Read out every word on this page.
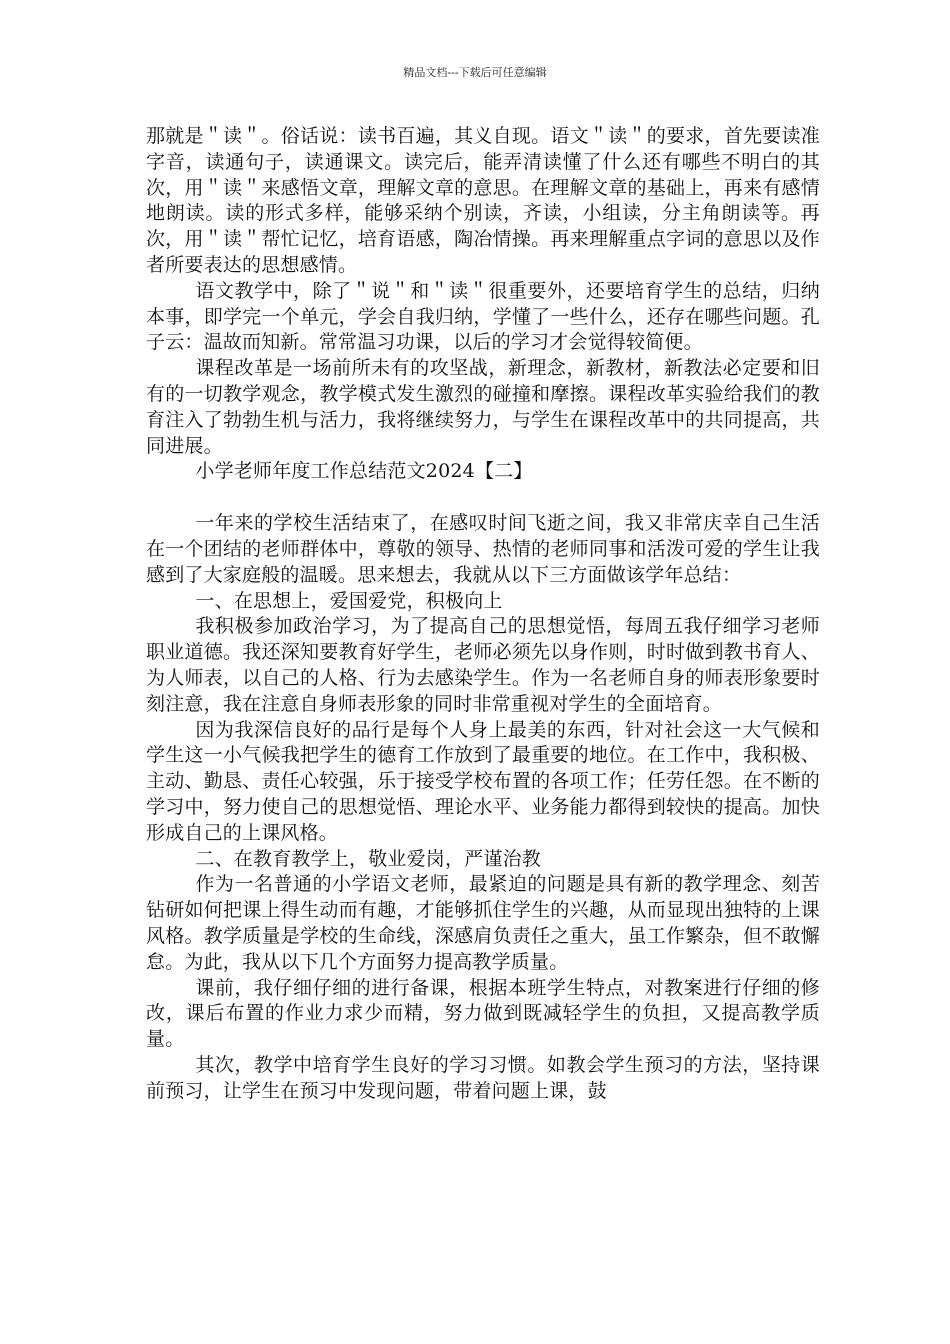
精品文档---下载后可任意编辑

那就是＂读＂。俗话说：读书百遍，其义自现。语文＂读＂的要求，首先要读准字音，读通句子，读通课文。读完后，能弄清读懂了什么还有哪些不明白的其次，用＂读＂来感悟文章，理解文章的意思。在理解文章的基础上，再来有感情地朗读。读的形式多样，能够采纳个别读，齐读，小组读，分主角朗读等。再次，用＂读＂帮忙记忆，培育语感，陶冶情操。再来理解重点字词的意思以及作者所要表达的思想感情。

语文教学中，除了＂说＂和＂读＂很重要外，还要培育学生的总结，归纳本事，即学完一个单元，学会自我归纳，学懂了一些什么，还存在哪些问题。孔子云：温故而知新。常常温习功课，以后的学习才会觉得较简便。

课程改革是一场前所未有的攻坚战，新理念，新教材，新教法必定要和旧有的一切教学观念，教学模式发生激烈的碰撞和摩擦。课程改革实验给我们的教育注入了勃勃生机与活力，我将继续努力，与学生在课程改革中的共同提高，共同进展。

小学老师年度工作总结范文2024【二】

一年来的学校生活结束了，在感叹时间飞逝之间，我又非常庆幸自己生活在一个团结的老师群体中，尊敬的领导、热情的老师同事和活泼可爱的学生让我感到了大家庭般的温暖。思来想去，我就从以下三方面做该学年总结：

一、在思想上，爱国爱党，积极向上

我积极参加政治学习，为了提高自己的思想觉悟，每周五我仔细学习老师职业道德。我还深知要教育好学生，老师必须先以身作则，时时做到教书育人、为人师表，以自己的人格、行为去感染学生。作为一名老师自身的师表形象要时刻注意，我在注意自身师表形象的同时非常重视对学生的全面培育。

因为我深信良好的品行是每个人身上最美的东西，针对社会这一大气候和学生这一小气候我把学生的德育工作放到了最重要的地位。在工作中，我积极、主动、勤恳、责任心较强，乐于接受学校布置的各项工作；任劳任怨。在不断的学习中，努力使自己的思想觉悟、理论水平、业务能力都得到较快的提高。加快形成自己的上课风格。

二、在教育教学上，敬业爱岗，严谨治教

作为一名普通的小学语文老师，最紧迫的问题是具有新的教学理念、刻苦钻研如何把课上得生动而有趣，才能够抓住学生的兴趣，从而显现出独特的上课风格。教学质量是学校的生命线，深感肩负责任之重大，虽工作繁杂，但不敢懈怠。为此，我从以下几个方面努力提高教学质量。

课前，我仔细仔细的进行备课，根据本班学生特点，对教案进行仔细的修改，课后布置的作业力求少而精，努力做到既减轻学生的负担，又提高教学质量。

其次，教学中培育学生良好的学习习惯。如教会学生预习的方法，坚持课前预习，让学生在预习中发现问题，带着问题上课，鼓
